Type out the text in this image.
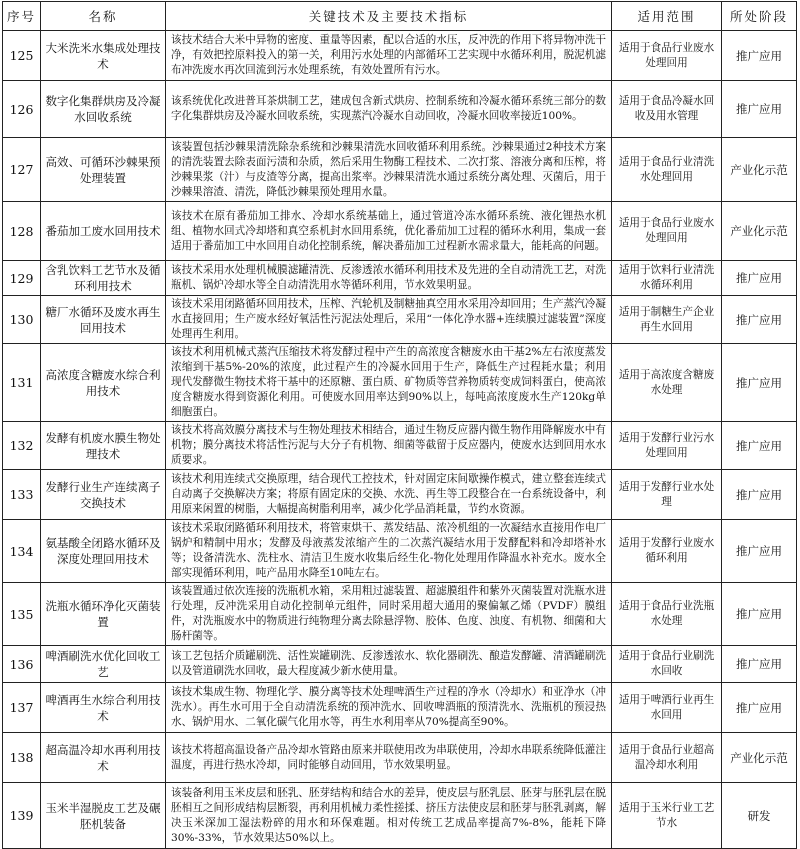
序号	名称	关键技术及主要技术指标	适用范围	所处阶段
125	大米洗米水集成处理技术	该技术结合大米中异物的密度、重量等因素，配以合适的水压，反冲洗的作用下将异物冲洗干净，有效把控原料投入的第一关，利用污水处理的内部循环工艺实现中水循环利用，脱泥机滤布冲洗废水再次回流到污水处理系统，有效处置所有污水。	适用于食品行业废水处理回用	推广应用
126	数字化集群烘房及冷凝水回收系统	该系统优化改进普耳茶烘制工艺，建成包含新式烘房、控制系统和冷凝水循环系统三部分的数字化集群烘房及冷凝水回收系统，实现蒸汽冷凝水自动回收，冷凝水回收率接近100%。	适用于食品冷凝水回收及用水管理	推广应用
127	高效、可循环沙棘果预处理装置	该装置包括沙棘果清洗除杂系统和沙棘果清洗水回收循环利用系统。沙棘果通过2种技术方案的清洗装置去除表面污渍和杂质，然后采用生物酶工程技术、二次打浆、溶液分离和压榨，将沙棘果浆（汁）与皮渣等分离，提高出浆率。沙棘果清洗水通过系统分离处理、灭菌后，用于沙棘果溶渣、清洗，降低沙棘果预处理用水量。	适用于食品行业清洗水处理回用	产业化示范
128	番茄加工废水回用技术	该技术在原有番茄加工排水、冷却水系统基础上，通过管道冷冻水循环系统、液化锂热水机组、植物水回式冷却塔和真空系机封水回用系统，优化番茄加工过程的循环水利用，集成一套适用于番茄加工中水回用自动化控制系统，解决番茄加工过程新水需求量大，能耗高的问题。	适用于食品行业废水处理回用	产业化示范
129	含乳饮料工艺节水及循环利用技术	该技术采用水处理机械膜滤罐清洗、反渗透浓水循环利用技术及先进的全自动清洗工艺，对洗瓶机、锅炉冷却水等全自动清洗用水等循环利用，节水效果明显。	适用于饮料行业清洗水循环利用	推广应用
130	糖厂水循环及废水再生回用技术	该技术采用闭路循环回用技术，压榨、汽轮机及制糖抽真空用水采用冷却回用；生产蒸汽冷凝水直接回用；生产废水经好氧活性污泥法处理后，采用“一体化净水器+连续膜过滤装置”深度处理再生利用。	适用于制糖生产企业再生水回用	推广应用
131	高浓度含糖废水综合利用技术	该技术利用机械式蒸汽压缩技术将发酵过程中产生的高浓度含糖废水由干基2%左右浓度蒸发浓缩到干基5%-20%的浓度，此过程产生的冷凝水回用于生产，降低生产过程耗水量；利用现代发酵微生物技术将干基中的还原糖、蛋白质、矿物质等营养物质转变成饲料蛋白，使高浓度含糖废水得到资源化利用。可使废水回用率达到90%以上，每吨高浓度废水生产120kg单细胞蛋白。	适用于高浓度含糖废水处理	推广应用
132	发酵有机废水膜生物处理技术	该技术将高效膜分离技术与生物处理技术相结合，通过生物反应器内微生物作用降解废水中有机物；膜分离技术将活性污泥与大分子有机物、细菌等截留于反应器内，使废水达到回用水水质要求。	适用于发酵行业污水处理回用	推广应用
133	发酵行业生产连续离子交换技术	该技术利用连续式交换原理，结合现代工控技术，针对固定床间歇操作模式，建立整套连续式自动离子交换解决方案；将原有固定床的交换、水洗、再生等工段整合在一台系统设备中，利用原来闲置的树脂，大幅提高树脂利用率，减少化学品消耗量，节约水资源。	适用于发酵行业水处理	推广应用
134	氨基酸全闭路水循环及深度处理回用技术	该技术采取闭路循环利用技术，将管束烘干、蒸发结晶、浓冷机组的一次凝结水直接用作电厂锅炉和精制中用水；发酵及母液蒸发浓缩产生的二次蒸汽凝结水用于发酵配料和冷却塔补水等；设备清洗水、洗柱水、清洁卫生废水收集后经生化-物化处理用作降温水补充水。废水全部实现循环利用，吨产品用水降至10吨左右。	适用于发酵行业废水循环利用	推广应用
135	洗瓶水循环净化灭菌装置	该装置通过依次连接的洗瓶机水箱，采用粗过滤装置、超滤膜组件和紫外灭菌装置对洗瓶水进行处理，反冲洗采用自动化控制单元组件，同时采用超大通用的聚偏氟乙烯（PVDF）膜组件，对洗瓶废水中的物质进行纯物理分离去除悬浮物、胶体、色度、浊度、有机物、细菌和大肠杆菌等。	适用于食品行业洗瓶水处理	推广应用
136	啤酒刷洗水优化回收工艺	该工艺包括介质罐刷洗、活性炭罐刷洗、反渗透浓水、软化器刷洗、酿造发酵罐、清酒罐刷洗以及管道刷洗水回收，最大程度减少新水使用量。	适用于食品行业刷洗水回收	推广应用
137	啤酒再生水综合利用技术	该技术集成生物、物理化学、膜分离等技术处理啤酒生产过程的净水（冷却水）和亚净水（冲洗水）。再生水可用于全自动清洗系统的预冲洗水、回收啤酒瓶的预清洗水、洗瓶机的预浸热水、锅炉用水、二氧化碳气化用水等，再生水利用率从70%提高至90%。	适用于啤酒行业再生水回用	推广应用
138	超高温冷却水再利用技术	该技术将超高温设备产品冷却水管路由原来并联使用改为串联使用，冷却水串联系统降低灌注温度，再进行热水冷却，同时能够自动回用，节水效果明显。	适用于食品行业超高温冷却水利用	产业化示范
139	玉米半湿脱皮工艺及碾胚机装备	该装备利用玉米皮层和胚乳、胚芽结构和结合水的差异，使皮层与胚乳层、胚芽与胚乳层在脱胚相互之间形成结构层断裂，再利用机械力柔性搓揉、挤压方法使皮层和胚芽与胚乳剥离，解决玉米深加工湿法粉碎的用水和环保难题。相对传统工艺成品率提高7%-8%，能耗下降30%-33%，节水效果达50%以上。	适用于玉米行业工艺节水	研发
